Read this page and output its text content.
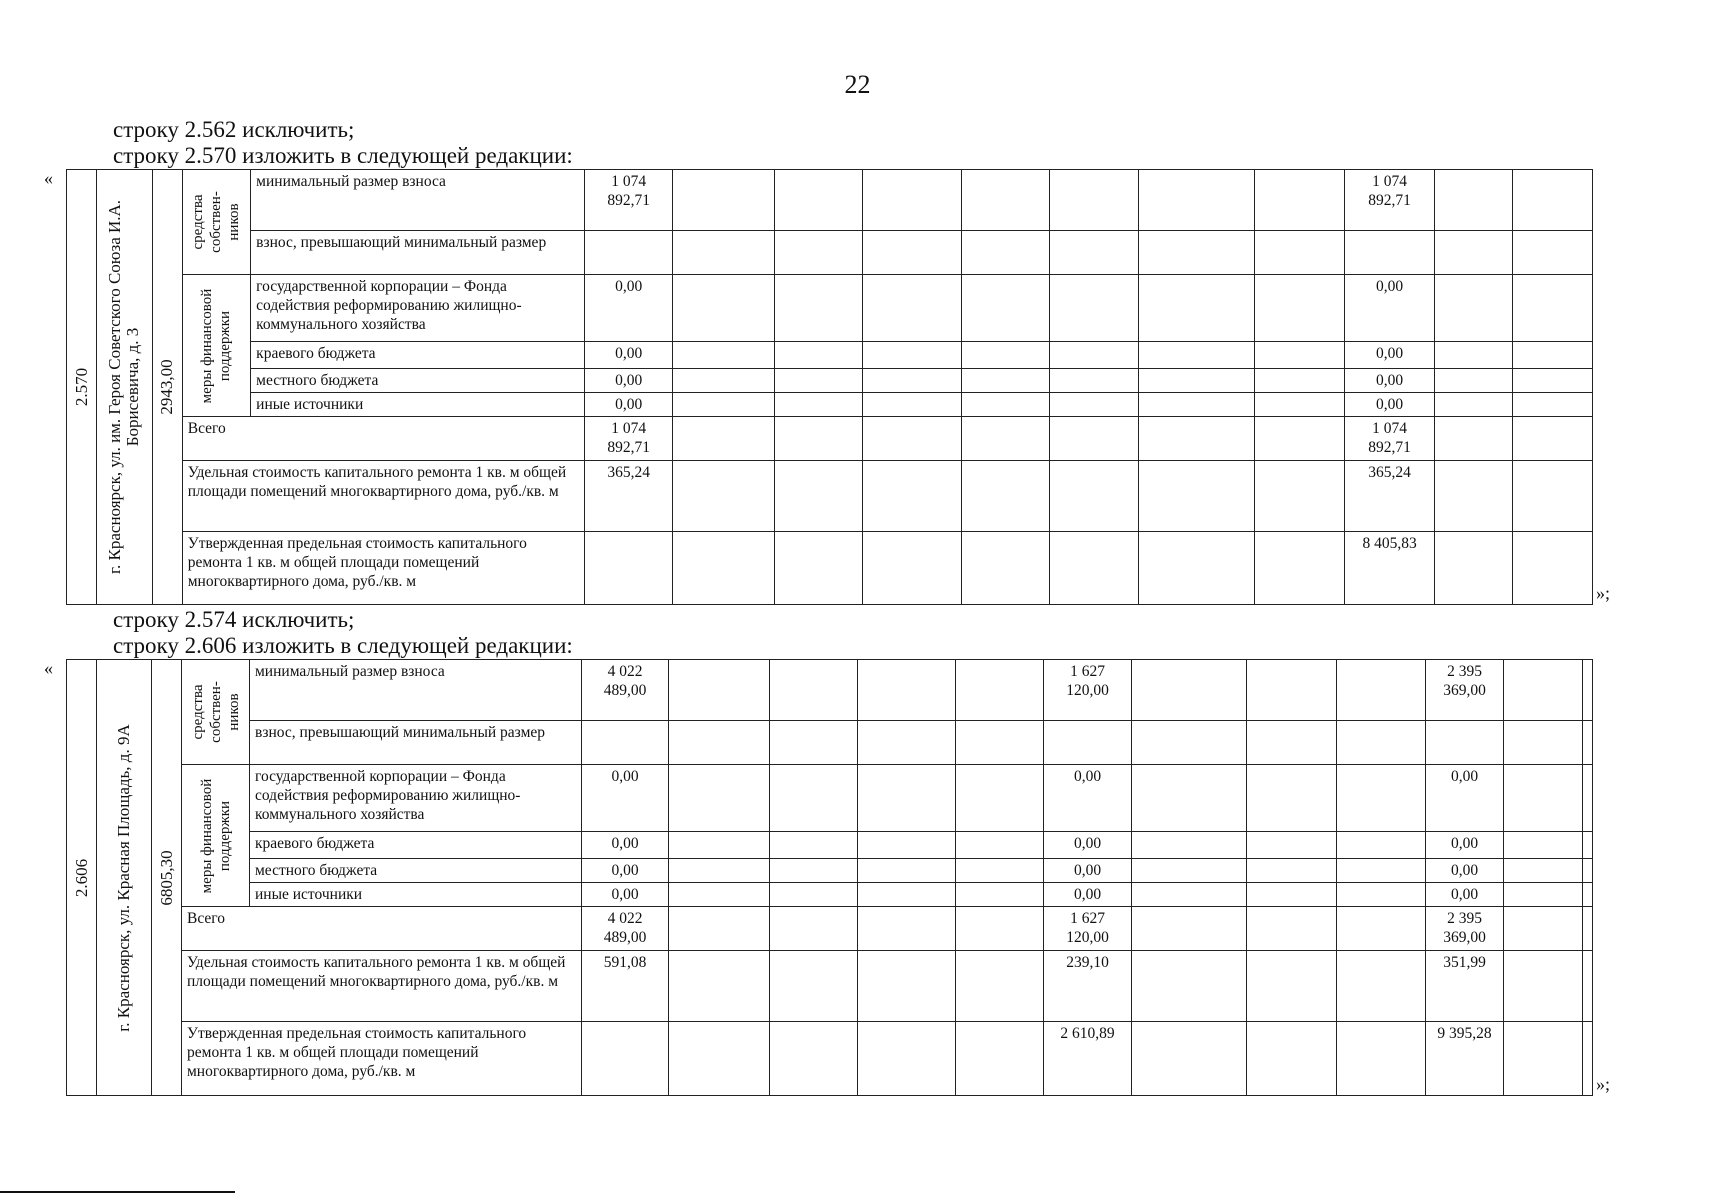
22
строку 2.562 исключить;
строку 2.570 изложить в следующей редакции:
«
2.570	г. Красноярск, ул. им. Героя Советского Союза И.А. Борисевича, д. 3	2943,00	средства собствен-ников	минимальный размер взноса	1 074 892,71								1 074 892,71		
				взнос, превышающий минимальный размер											

			меры финансовой поддержки	государственной корпорации – Фонда содействия реформированию жилищно-коммунального хозяйства	0,00								0,00		
				краевого бюджета	0,00								0,00		
				местного бюджета	0,00								0,00		
				иные источники	0,00								0,00		
			Всего		1 074 892,71								1 074 892,71		
			Удельная стоимость капитального ремонта 1 кв. м общей площади помещений многоквартирного дома, руб./кв. м		365,24								365,24		
			Утвержденная предельная стоимость капитального ремонта 1 кв. м общей площади помещений многоквартирного дома, руб./кв. м										8 405,83		
»;
строку 2.574 исключить;
строку 2.606 изложить в следующей редакции:
«
2.606	г. Красноярск, ул. Красная Площадь, д. 9А	6805,30	средства собствен-ников	минимальный размер взноса	4 022 489,00					1 627 120,00				2 395 369,00		
				взнос, превышающий минимальный размер												

			меры финансовой поддержки	государственной корпорации – Фонда содействия реформированию жилищно-коммунального хозяйства	0,00					0,00				0,00		
				краевого бюджета	0,00					0,00				0,00		
				местного бюджета	0,00					0,00				0,00		
				иные источники	0,00					0,00				0,00		
			Всего		4 022 489,00					1 627 120,00				2 395 369,00		
			Удельная стоимость капитального ремонта 1 кв. м общей площади помещений многоквартирного дома, руб./кв. м		591,08					239,10				351,99		
			Утвержденная предельная стоимость капитального ремонта 1 кв. м общей площади помещений многоквартирного дома, руб./кв. м							2 610,89				9 395,28		
»;
